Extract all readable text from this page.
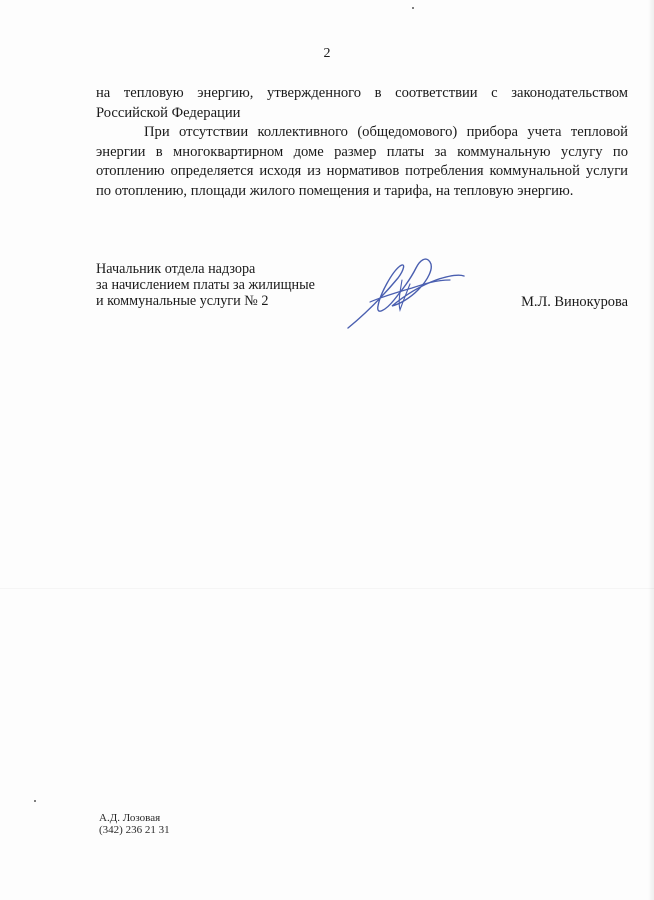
2

на тепловую энергию, утвержденного в соответствии с законодательством Российской Федерации

При отсутствии коллективного (общедомового) прибора учета тепловой энергии в многоквартирном доме размер платы за коммунальную услугу по отоплению определяется исходя из нормативов потребления коммунальной услуги по отоплению, площади жилого помещения и тарифа, на тепловую энергию.

Начальник отдела надзора
за начислением платы за жилищные
и коммунальные услуги № 2	М.Л. Винокурова
А.Д. Лозовая
(342) 236 21 31
